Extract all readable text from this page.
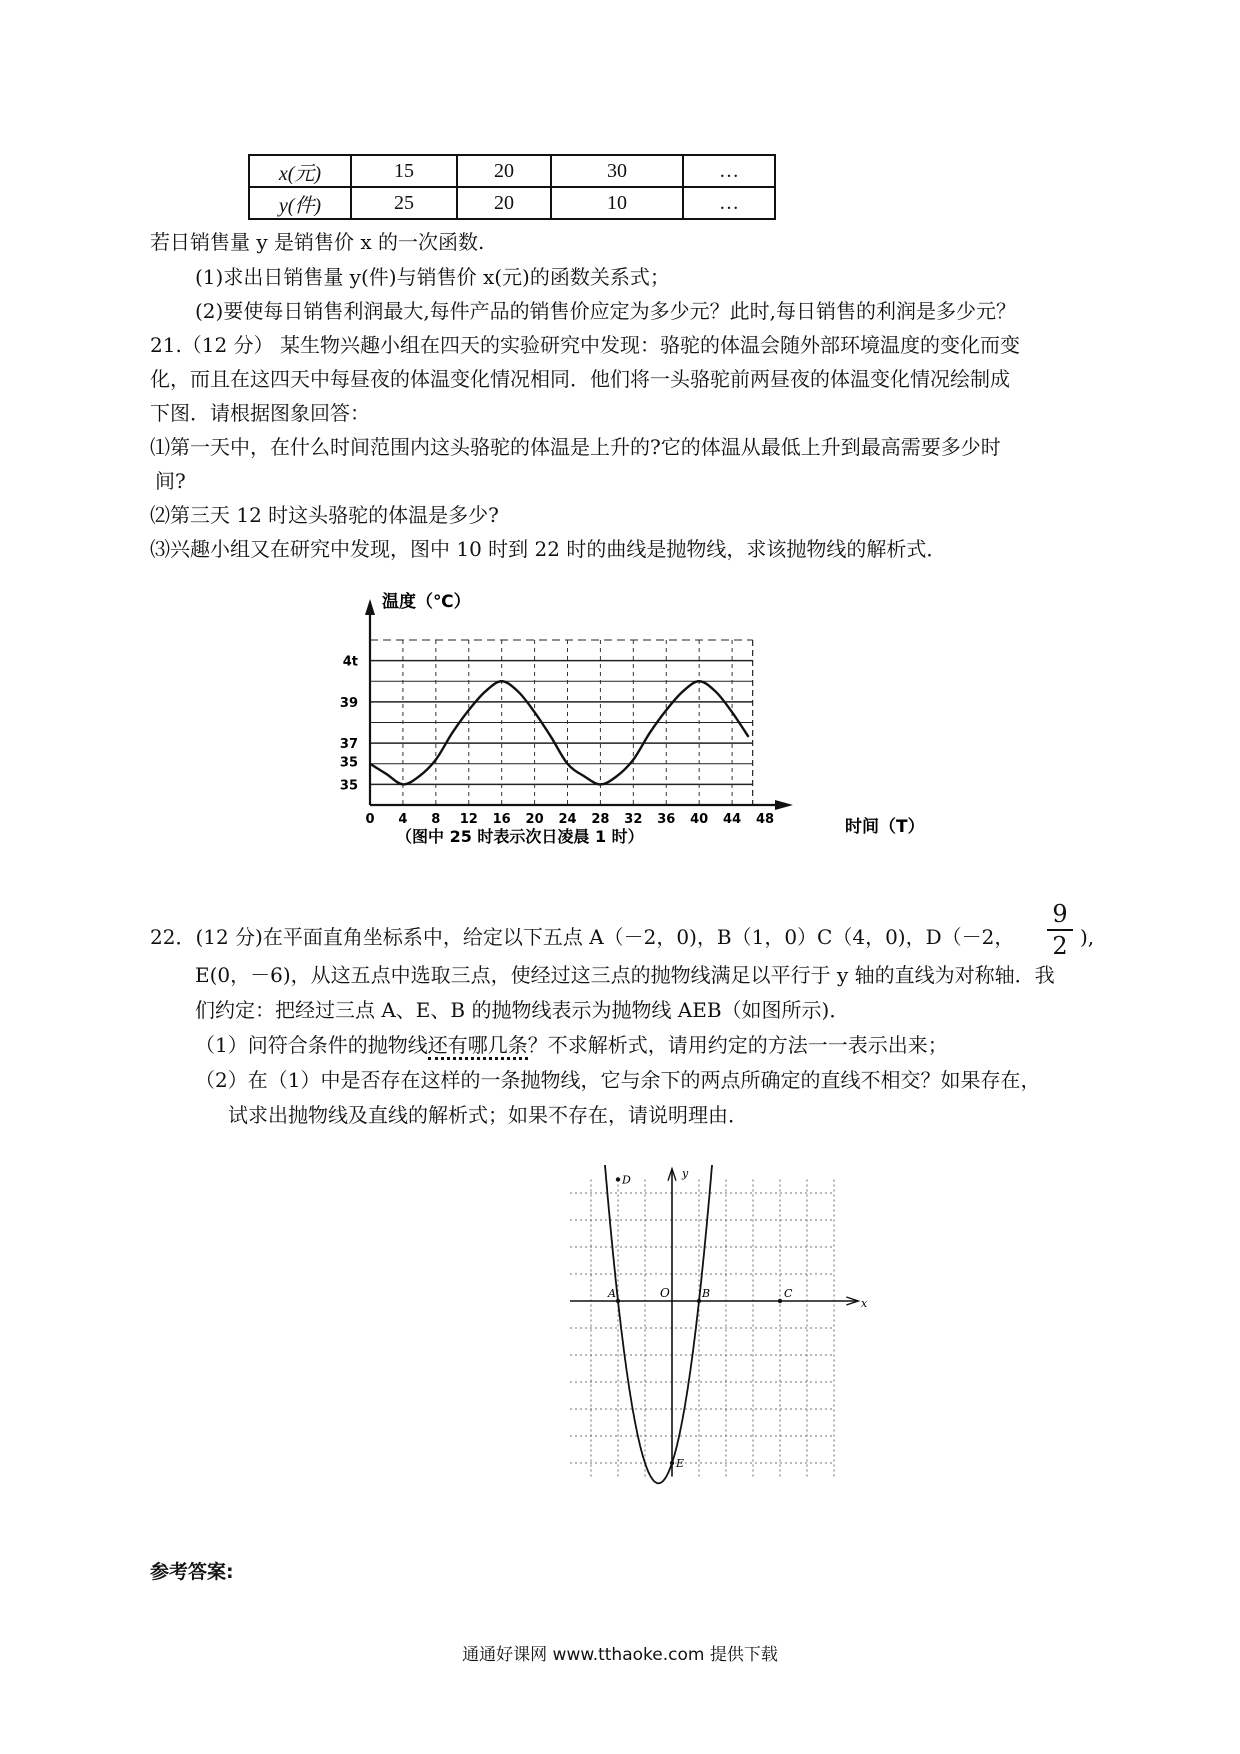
x(元)	15	20	30	…
y(件)	25	20	10	…
若日销售量 y 是销售价 x 的一次函数.
(1)求出日销售量 y(件)与销售价 x(元)的函数关系式；
(2)要使每日销售利润最大,每件产品的销售价应定为多少元？此时,每日销售的利润是多少元？
21.（12 分） 某生物兴趣小组在四天的实验研究中发现：骆驼的体温会随外部环境温度的变化而变
化，而且在这四天中每昼夜的体温变化情况相同．他们将一头骆驼前两昼夜的体温变化情况绘制成
下图．请根据图象回答：
⑴第一天中，在什么时间范围内这头骆驼的体温是上升的?它的体温从最低上升到最高需要多少时
间?
⑵第三天 12 时这头骆驼的体温是多少?
⑶兴趣小组又在研究中发现，图中 10 时到 22 时的曲线是抛物线，求该抛物线的解析式．
0 4 8 12 16 20 24 28 32 36 40 44 48
35
35
37
39
4t
温度（℃）
时间（T）
（图中 25 时表示次日凌晨 1 时）
22．(12 分)在平面直角坐标系中，给定以下五点 A（－2，0)，B（1，0）C（4，0)，D（－2，
9
2 ),
E(0，－6)，从这五点中选取三点，使经过这三点的抛物线满足以平行于 y 轴的直线为对称轴．我
们约定：把经过三点 A、E、B 的抛物线表示为抛物线 AEB（如图所示)．
（1）问符合条件的抛物线还有哪几条？不求解析式，请用约定的方法一一表示出来；
（2）在（1）中是否存在这样的一条抛物线，它与余下的两点所确定的直线不相交？如果存在，
试求出抛物线及直线的解析式；如果不存在，请说明理由．
y
x
O
A	B	C
D
E
参考答案:
通通好课网 www.tthaoke.com 提供下载
